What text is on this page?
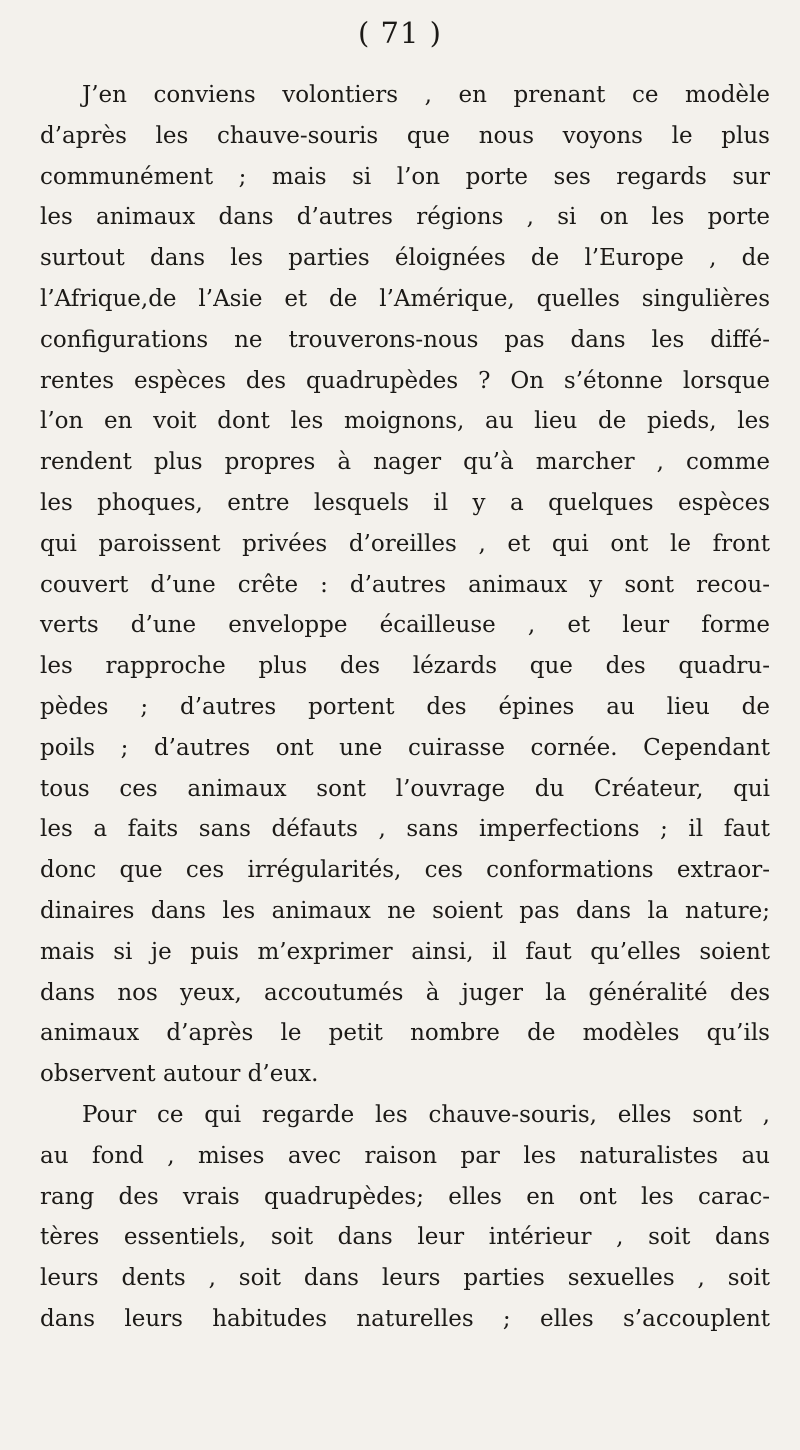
( 71 )
J’en conviens volontiers , en prenant ce modèle
d’après les chauve-souris que nous voyons le plus
communément ; mais si l’on porte ses regards sur
les animaux dans d’autres régions , si on les porte
surtout dans les parties éloignées de l’Europe , de
l’Afrique,de l’Asie et de l’Amérique, quelles singulières
configurations ne trouverons-nous pas dans les diffé-
rentes espèces des quadrupèdes ? On s’étonne lorsque
l’on en voit dont les moignons, au lieu de pieds, les
rendent plus propres à nager qu’à marcher , comme
les phoques, entre lesquels il y a quelques espèces
qui paroissent privées d’oreilles , et qui ont le front
couvert d’une crête : d’autres animaux y sont recou-
verts d’une enveloppe écailleuse , et leur forme
les rapproche plus des lézards que des quadru-
pèdes ; d’autres portent des épines au lieu de
poils ; d’autres ont une cuirasse cornée. Cependant
tous ces animaux sont l’ouvrage du Créateur, qui
les a faits sans défauts , sans imperfections ; il faut
donc que ces irrégularités, ces conformations extraor-
dinaires dans les animaux ne soient pas dans la nature;
mais si je puis m’exprimer ainsi, il faut qu’elles soient
dans nos yeux, accoutumés à juger la généralité des
animaux d’après le petit nombre de modèles qu’ils
observent autour d’eux.
Pour ce qui regarde les chauve-souris, elles sont ,
au fond , mises avec raison par les naturalistes au
rang des vrais quadrupèdes; elles en ont les carac-
tères essentiels, soit dans leur intérieur , soit dans
leurs dents , soit dans leurs parties sexuelles , soit
dans leurs habitudes naturelles ; elles s’accouplent
